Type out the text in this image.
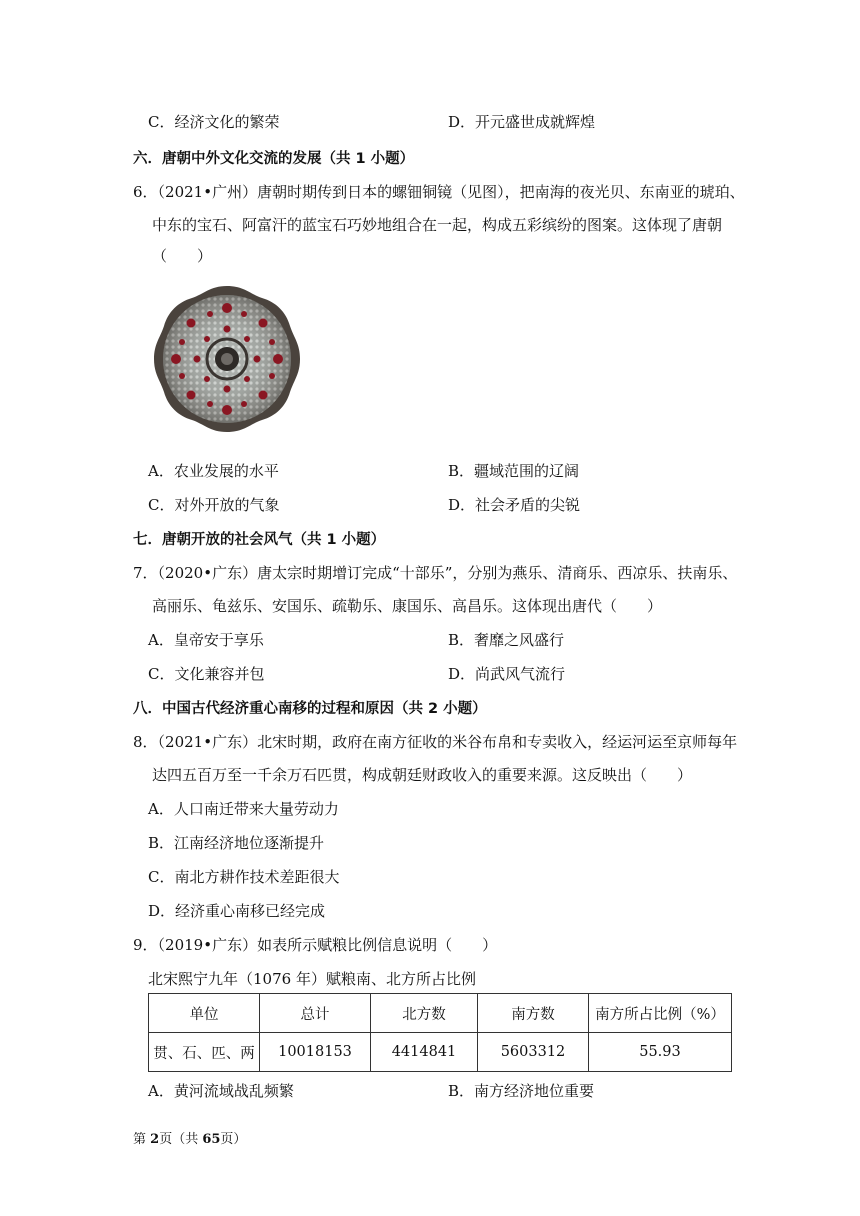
C．经济文化的繁荣	D．开元盛世成就辉煌
六．唐朝中外文化交流的发展（共 1 小题）
6．（2021•广州）唐朝时期传到日本的螺钿铜镜（见图），把南海的夜光贝、东南亚的琥珀、
中东的宝石、阿富汗的蓝宝石巧妙地组合在一起，构成五彩缤纷的图案。这体现了唐朝
（　　）
A．农业发展的水平	B．疆域范围的辽阔
C．对外开放的气象	D．社会矛盾的尖锐
七．唐朝开放的社会风气（共 1 小题）
7．（2020•广东）唐太宗时期增订完成“十部乐”，分别为燕乐、清商乐、西凉乐、扶南乐、
高丽乐、龟兹乐、安国乐、疏勒乐、康国乐、高昌乐。这体现出唐代（　　）
A．皇帝安于享乐	B．奢靡之风盛行
C．文化兼容并包	D．尚武风气流行
八．中国古代经济重心南移的过程和原因（共 2 小题）
8．（2021•广东）北宋时期，政府在南方征收的米谷布帛和专卖收入，经运河运至京师每年
达四五百万至一千余万石匹贯，构成朝廷财政收入的重要来源。这反映出（　　）
A．人口南迁带来大量劳动力
B．江南经济地位逐渐提升
C．南北方耕作技术差距很大
D．经济重心南移已经完成
9．（2019•广东）如表所示赋粮比例信息说明（　　）
北宋熙宁九年（1076 年）赋粮南、北方所占比例
单位	总计	北方数	南方数	南方所占比例（%）
贯、石、匹、两	10018153	4414841	5603312	55.93
A．黄河流域战乱频繁	B．南方经济地位重要
第 2页（共 65页）
